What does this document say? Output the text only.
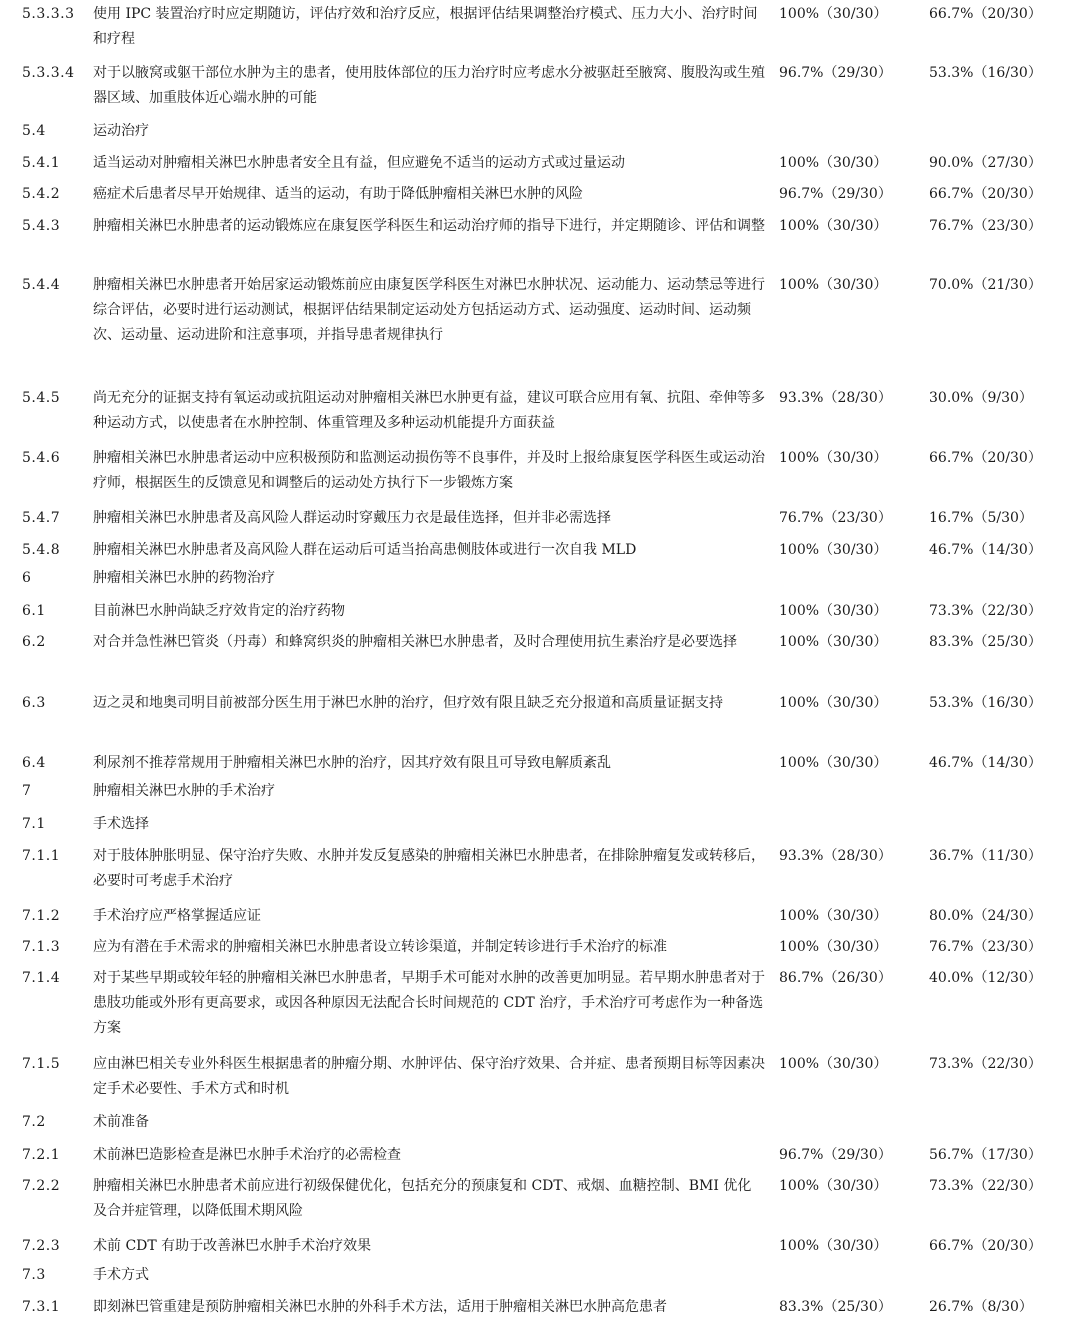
5.3.3.3 使用 IPC 装置治疗时应定期随访，评估疗效和治疗反应，根据评估结果调整治疗模式、压力大小、治疗时间和疗程
100%（30/30）	66.7%（20/30）
5.3.3.4 对于以腋窝或躯干部位水肿为主的患者，使用肢体部位的压力治疗时应考虑水分被驱赶至腋窝、腹股沟或生殖器区域、加重肢体近心端水肿的可能
96.7%（29/30）	53.3%（16/30）
5.4	运动治疗
5.4.1 适当运动对肿瘤相关淋巴水肿患者安全且有益，但应避免不适当的运动方式或过量运动	100%（30/30）	90.0%（27/30）
5.4.2 癌症术后患者尽早开始规律、适当的运动，有助于降低肿瘤相关淋巴水肿的风险	96.7%（29/30）	66.7%（20/30）
5.4.3 肿瘤相关淋巴水肿患者的运动锻炼应在康复医学科医生和运动治疗师的指导下进行，并定期随诊、评估和调整 100%（30/30）	76.7%（23/30）
5.4.4 肿瘤相关淋巴水肿患者开始居家运动锻炼前应由康复医学科医生对淋巴水肿状况、运动能力、运动禁忌等进行综合评估，必要时进行运动测试，根据评估结果制定运动处方包括运动方式、运动强度、运动时间、运动频次、运动量、运动进阶和注意事项，并指导患者规律执行
100%（30/30）	70.0%（21/30）
5.4.5 尚无充分的证据支持有氧运动或抗阻运动对肿瘤相关淋巴水肿更有益，建议可联合应用有氧、抗阻、牵伸等多种运动方式，以使患者在水肿控制、体重管理及多种运动机能提升方面获益
93.3%（28/30）	30.0%（9/30）
5.4.6 肿瘤相关淋巴水肿患者运动中应积极预防和监测运动损伤等不良事件，并及时上报给康复医学科医生或运动治疗师，根据医生的反馈意见和调整后的运动处方执行下一步锻炼方案
100%（30/30）	66.7%（20/30）
5.4.7 肿瘤相关淋巴水肿患者及高风险人群运动时穿戴压力衣是最佳选择，但并非必需选择	76.7%（23/30）	16.7%（5/30）
5.4.8 肿瘤相关淋巴水肿患者及高风险人群在运动后可适当抬高患侧肢体或进行一次自我 MLD	100%（30/30）	46.7%（14/30）
6	肿瘤相关淋巴水肿的药物治疗
6.1	目前淋巴水肿尚缺乏疗效肯定的治疗药物	100%（30/30）	73.3%（22/30）
6.2	对合并急性淋巴管炎（丹毒）和蜂窝织炎的肿瘤相关淋巴水肿患者，及时合理使用抗生素治疗是必要选择	100%（30/30）	83.3%（25/30）
6.3	迈之灵和地奥司明目前被部分医生用于淋巴水肿的治疗，但疗效有限且缺乏充分报道和高质量证据支持	100%（30/30）	53.3%（16/30）
6.4	利尿剂不推荐常规用于肿瘤相关淋巴水肿的治疗，因其疗效有限且可导致电解质紊乱	100%（30/30）	46.7%（14/30）
7	肿瘤相关淋巴水肿的手术治疗
7.1	手术选择
7.1.1 对于肢体肿胀明显、保守治疗失败、水肿并发反复感染的肿瘤相关淋巴水肿患者，在排除肿瘤复发或转移后，必要时可考虑手术治疗
93.3%（28/30）	36.7%（11/30）
7.1.2 手术治疗应严格掌握适应证	100%（30/30）	80.0%（24/30）
7.1.3 应为有潜在手术需求的肿瘤相关淋巴水肿患者设立转诊渠道，并制定转诊进行手术治疗的标准	100%（30/30）	76.7%（23/30）
7.1.4 对于某些早期或较年轻的肿瘤相关淋巴水肿患者，早期手术可能对水肿的改善更加明显。若早期水肿患者对于患肢功能或外形有更高要求，或因各种原因无法配合长时间规范的 CDT 治疗，手术治疗可考虑作为一种备选方案
86.7%（26/30）	40.0%（12/30）
7.1.5 应由淋巴相关专业外科医生根据患者的肿瘤分期、水肿评估、保守治疗效果、合并症、患者预期目标等因素决定手术必要性、手术方式和时机
100%（30/30）	73.3%（22/30）
7.2	术前准备
7.2.1 术前淋巴造影检查是淋巴水肿手术治疗的必需检查	96.7%（29/30）	56.7%（17/30）
7.2.2 肿瘤相关淋巴水肿患者术前应进行初级保健优化，包括充分的预康复和 CDT、戒烟、血糖控制、BMI 优化及合并症管理，以降低围术期风险
100%（30/30）	73.3%（22/30）
7.2.3 术前 CDT 有助于改善淋巴水肿手术治疗效果	100%（30/30）	66.7%（20/30）
7.3	手术方式
7.3.1 即刻淋巴管重建是预防肿瘤相关淋巴水肿的外科手术方法，适用于肿瘤相关淋巴水肿高危患者	83.3%（25/30）	26.7%（8/30）
